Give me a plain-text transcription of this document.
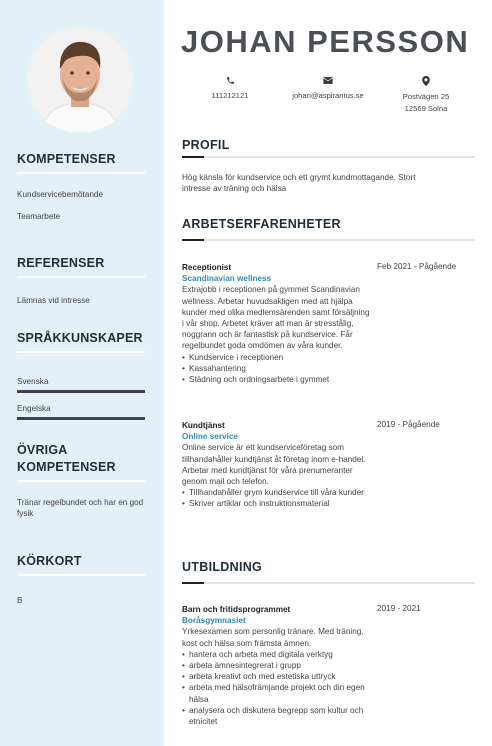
KOMPETENSER
Kundservicebemötande
Teamarbete
REFERENSER
Lämnas vid intresse
SPRÅKKUNSKAPER
Svenska
Engelska
ÖVRIGA
KOMPETENSER
Tränar regelbundet och har en god fysik
KÖRKORT
B
JOHAN PERSSON
111212121	johan@aspirantus.se	Postvägen 25
12569 Solna
PROFIL
Hög känsla för kundservice och ett grymt kundmottagande. Stort intresse av träning och hälsa
ARBETSERFARENHETER
Receptionist
Scandinavian wellness
Extrajobb i receptionen på gymmet Scandinavian wellness. Arbetar huvudsakligen med att hjälpa kunder med olika medlemsärenden samt försäljning i vår shop. Arbetet kräver att man är stresstålig, noggrann och är fantastisk på kundservice. Får regelbundet goda omdömen av våra kunder.
• Kundservice i receptionen
• Kassahantering
• Städning och ordningsarbete i gymmet
Feb 2021 - Pågående
Kundtjänst
Online service
Online service är ett kundserviceföretag som tillhandahåller kundtjänst åt företag inom e-handel. Arbetar med kundtjänst för våra prenumeranter genom mail och telefon.
• Tillhandahåller grym kundservice till våra kunder
• Skriver artiklar och instruktionsmaterial
2019 - Pågående
UTBILDNING
Barn och fritidsprogrammet
Boråsgymnasiet
Yrkesexamen som personlig tränare. Med träning, kost och hälsa som främsta ämnen.
• hantera och arbeta med digitala verktyg
• arbeta ämnesintegrerat i grupp
• arbeta kreativt och med estetiska uttryck
• arbeta med hälsofrämjande projekt och din egen hälsa
• analysera och diskutera begrepp som kultur och etnicitet
2019 - 2021
